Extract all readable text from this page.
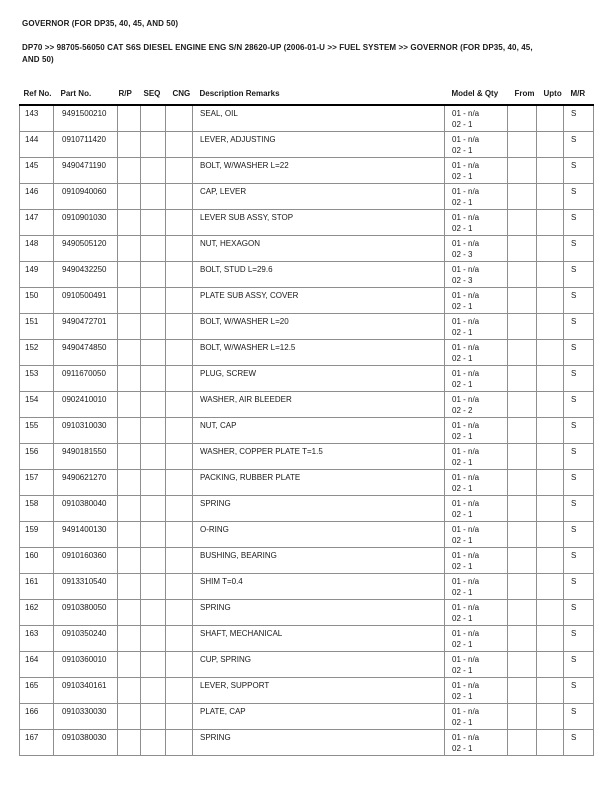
GOVERNOR (FOR DP35, 40, 45, AND 50)
DP70 >> 98705-56050 CAT S6S DIESEL ENGINE ENG S/N 28620-UP (2006-01-U >> FUEL SYSTEM >> GOVERNOR (FOR DP35, 40, 45, AND 50)
Ref No.	Part No.	R/P	SEQ	CNG	Description Remarks	Model & Qty	From	Upto	M/R
143	9491500210				SEAL, OIL	01 - n/a
02 - 1			S
144	0910711420				LEVER, ADJUSTING	01 - n/a
02 - 1			S
145	9490471190				BOLT, W/WASHER L=22	01 - n/a
02 - 1			S
146	0910940060				CAP, LEVER	01 - n/a
02 - 1			S
147	0910901030				LEVER SUB ASSY, STOP	01 - n/a
02 - 1			S
148	9490505120				NUT, HEXAGON	01 - n/a
02 - 3			S
149	9490432250				BOLT, STUD L=29.6	01 - n/a
02 - 3			S
150	0910500491				PLATE SUB ASSY, COVER	01 - n/a
02 - 1			S
151	9490472701				BOLT, W/WASHER L=20	01 - n/a
02 - 1			S
152	9490474850				BOLT, W/WASHER L=12.5	01 - n/a
02 - 1			S
153	0911670050				PLUG, SCREW	01 - n/a
02 - 1			S
154	0902410010				WASHER, AIR BLEEDER	01 - n/a
02 - 2			S
155	0910310030				NUT, CAP	01 - n/a
02 - 1			S
156	9490181550				WASHER, COPPER PLATE T=1.5	01 - n/a
02 - 1			S
157	9490621270				PACKING, RUBBER PLATE	01 - n/a
02 - 1			S
158	0910380040				SPRING	01 - n/a
02 - 1			S
159	9491400130				O-RING	01 - n/a
02 - 1			S
160	0910160360				BUSHING, BEARING	01 - n/a
02 - 1			S
161	0913310540				SHIM T=0.4	01 - n/a
02 - 1			S
162	0910380050				SPRING	01 - n/a
02 - 1			S
163	0910350240				SHAFT, MECHANICAL	01 - n/a
02 - 1			S
164	0910360010				CUP, SPRING	01 - n/a
02 - 1			S
165	0910340161				LEVER, SUPPORT	01 - n/a
02 - 1			S
166	0910330030				PLATE, CAP	01 - n/a
02 - 1			S
167	0910380030				SPRING	01 - n/a
02 - 1			S
